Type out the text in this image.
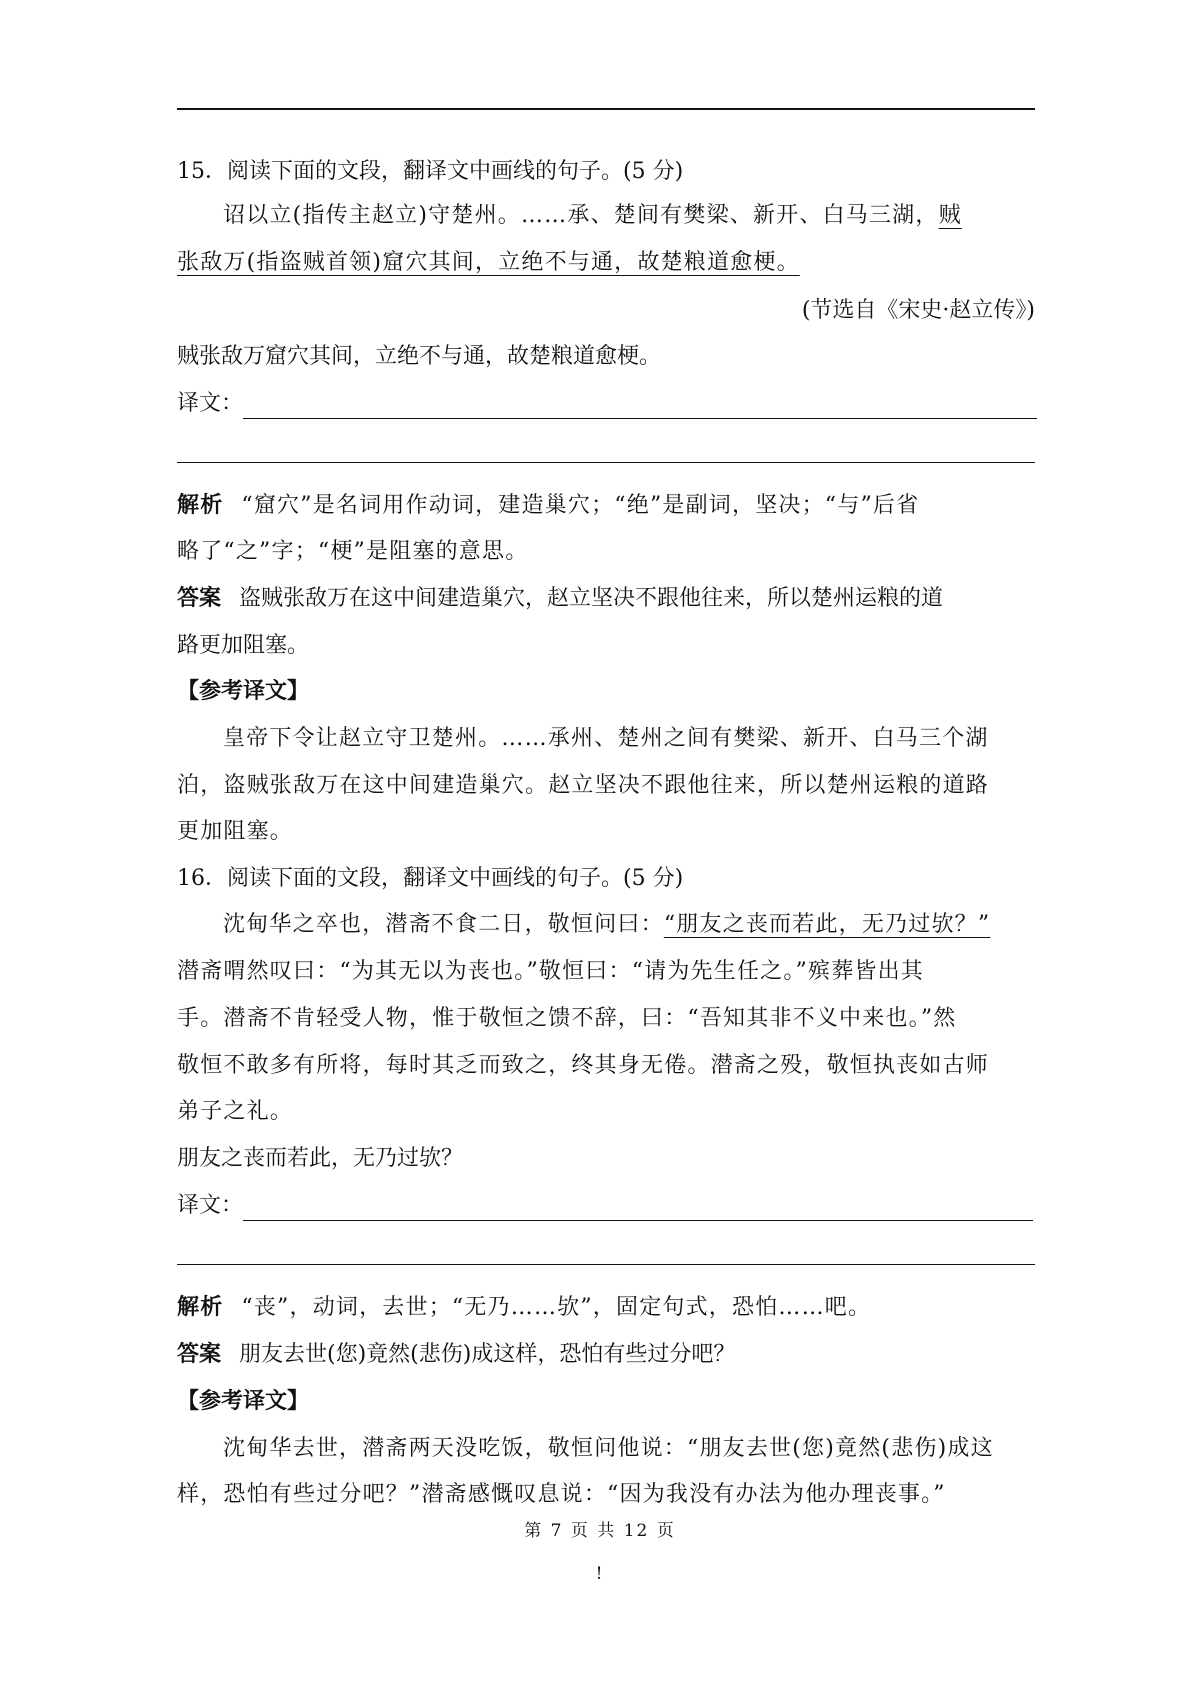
15．阅读下面的文段，翻译文中画线的句子。(5 分)
诏以立(指传主赵立)守楚州。……承、楚间有樊梁、新开、白马三湖，贼
张敌万(指盗贼首领)窟穴其间，立绝不与通，故楚粮道愈梗。
(节选自《宋史·赵立传》)
贼张敌万窟穴其间，立绝不与通，故楚粮道愈梗。
译文：
解析 “窟穴”是名词用作动词，建造巢穴；“绝”是副词，坚决；“与”后省
略了“之”字；“梗”是阻塞的意思。
答案 盗贼张敌万在这中间建造巢穴，赵立坚决不跟他往来，所以楚州运粮的道
路更加阻塞。
【参考译文】
皇帝下令让赵立守卫楚州。……承州、楚州之间有樊梁、新开、白马三个湖
泊，盗贼张敌万在这中间建造巢穴。赵立坚决不跟他往来，所以楚州运粮的道路
更加阻塞。
16．阅读下面的文段，翻译文中画线的句子。(5 分)
沈甸华之卒也，潜斋不食二日，敬恒问曰：“朋友之丧而若此，无乃过欤？”
潜斋喟然叹曰：“为其无以为丧也。”敬恒曰：“请为先生任之。”殡葬皆出其
手。潜斋不肯轻受人物，惟于敬恒之馈不辞，曰：“吾知其非不义中来也。”然
敬恒不敢多有所将，每时其乏而致之，终其身无倦。潜斋之殁，敬恒执丧如古师
弟子之礼。
朋友之丧而若此，无乃过欤？
译文：
解析 “丧”，动词，去世；“无乃……欤”，固定句式，恐怕……吧。
答案 朋友去世(您)竟然(悲伤)成这样，恐怕有些过分吧？
【参考译文】
沈甸华去世，潜斋两天没吃饭，敬恒问他说：“朋友去世(您)竟然(悲伤)成这
样，恐怕有些过分吧？”潜斋感慨叹息说：“因为我没有办法为他办理丧事。”
第 7 页 共 12 页
!
